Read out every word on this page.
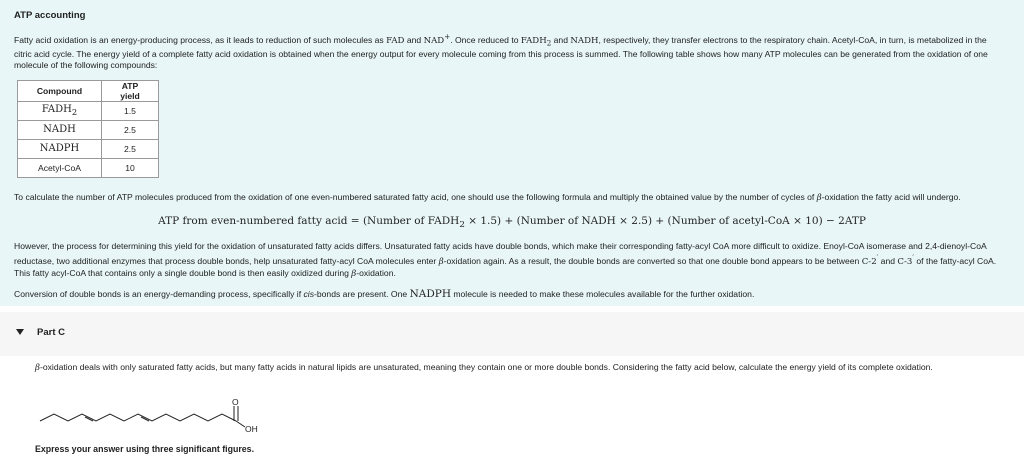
ATP accounting

Fatty acid oxidation is an energy-producing process, as it leads to reduction of such molecules as FAD and NAD+. Once reduced to $FADH_2$ and NADH, respectively, they transfer electrons to the respiratory chain. Acetyl-CoA, in turn, is metabolized in the citric acid cycle. The energy yield of a complete fatty acid oxidation is obtained when the energy output for every molecule coming from this process is summed. The following table shows how many ATP molecules can be generated from the oxidation of one molecule of the following compounds:

Compound	ATP yield
$FADH_2$	1.5
NADH	2.5
NADPH	2.5
Acetyl-CoA	10

To calculate the number of ATP molecules produced from the oxidation of one even-numbered saturated fatty acid, one should use the following formula and multiply the obtained value by the number of cycles of β-oxidation the fatty acid will undergo.

ATP from even-numbered fatty acid = (Number of $FADH_2 \times 1.5$) + (Number of NADH × 2.5) + (Number of acetyl-CoA × 10) − 2ATP

However, the process for determining this yield for the oxidation of unsaturated fatty acids differs. Unsaturated fatty acids have double bonds, which make their corresponding fatty-acyl CoA more difficult to oxidize. Enoyl-CoA isomerase and 2,4-dienoyl-CoA reductase, two additional enzymes that process double bonds, help unsaturated fatty-acyl CoA molecules enter β-oxidation again. As a result, the double bonds are converted so that one double bond appears to be between C-2′ and C-3′ of the fatty-acyl CoA. This fatty acyl-CoA that contains only a single double bond is then easily oxidized during β-oxidation.

Conversion of double bonds is an energy-demanding process, specifically if cis-bonds are present. One NADPH molecule is needed to make these molecules available for the further oxidation.

Part C

β-oxidation deals with only saturated fatty acids, but many fatty acids in natural lipids are unsaturated, meaning they contain one or more double bonds. Considering the fatty acid below, calculate the energy yield of its complete oxidation.

O
OH
Express your answer using three significant figures.
